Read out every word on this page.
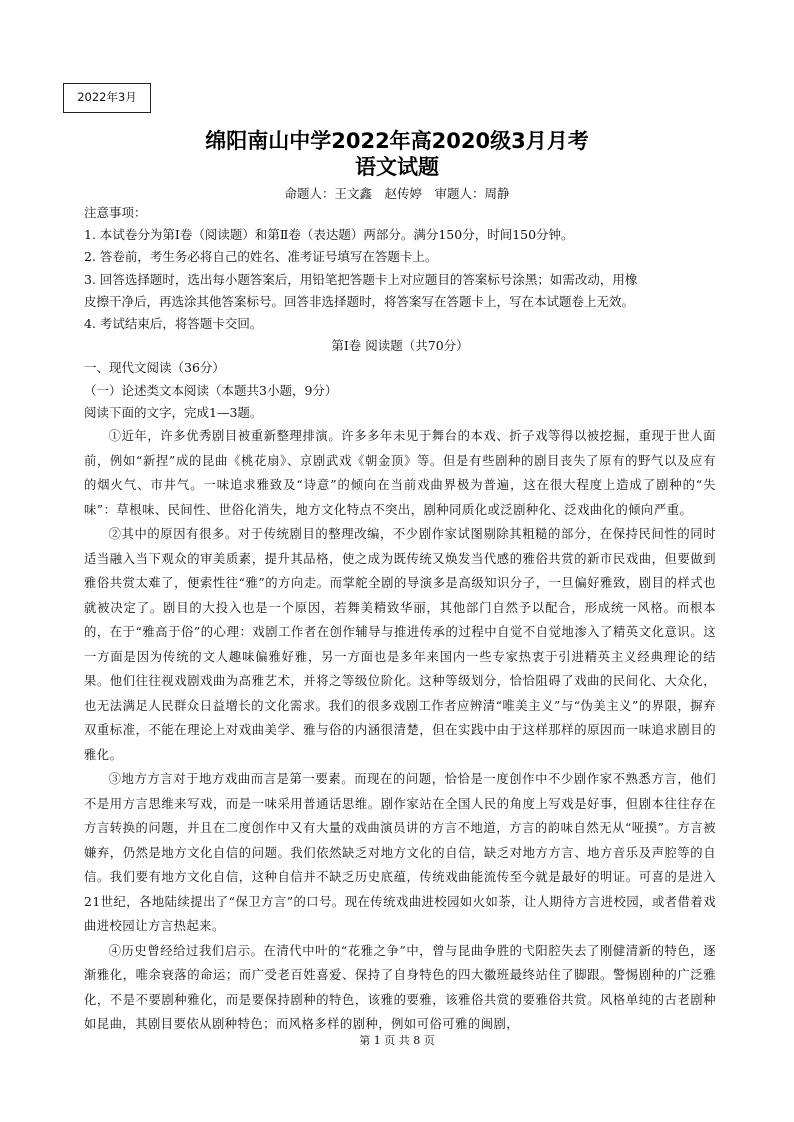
2022年3月
绵阳南山中学2022年高2020级3月月考
语文试题
命题人：王文鑫　赵传婷　审题人：周静
注意事项：
1. 本试卷分为第Ⅰ卷（阅读题）和第Ⅱ卷（表达题）两部分。满分150分，时间150分钟。
2. 答卷前，考生务必将自己的姓名、准考证号填写在答题卡上。
3. 回答选择题时，选出每小题答案后，用铅笔把答题卡上对应题目的答案标号涂黑；如需改动，用橡
皮擦干净后，再选涂其他答案标号。回答非选择题时，将答案写在答题卡上，写在本试题卷上无效。
4. 考试结束后，将答题卡交回。
第Ⅰ卷 阅读题（共70分）
一、现代文阅读（36分）
（一）论述类文本阅读（本题共3小题，9分）
阅读下面的文字，完成1—3题。

①近年，许多优秀剧目被重新整理排演。许多多年未见于舞台的本戏、折子戏等得以被挖掘，重现于世人面前，例如“新捏”成的昆曲《桃花扇》、京剧武戏《朝金顶》等。但是有些剧种的剧目丧失了原有的野气以及应有的烟火气、市井气。一味追求雅致及“诗意”的倾向在当前戏曲界极为普遍，这在很大程度上造成了剧种的“失味”：草根味、民间性、世俗化消失，地方文化特点不突出，剧种同质化或泛剧种化、泛戏曲化的倾向严重。

②其中的原因有很多。对于传统剧目的整理改编，不少剧作家试图剔除其粗糙的部分，在保持民间性的同时适当融入当下观众的审美质素，提升其品格，使之成为既传统又焕发当代感的雅俗共赏的新市民戏曲，但要做到雅俗共赏太难了，便索性往“雅”的方向走。而掌舵全剧的导演多是高级知识分子，一旦偏好雅致，剧目的样式也就被决定了。剧目的大投入也是一个原因，若舞美精致华丽，其他部门自然予以配合，形成统一风格。而根本的，在于“雅高于俗”的心理：戏剧工作者在创作辅导与推进传承的过程中自觉不自觉地渗入了精英文化意识。这一方面是因为传统的文人趣味偏雅好雅，另一方面也是多年来国内一些专家热衷于引进精英主义经典理论的结果。他们往往视戏剧戏曲为高雅艺术，并将之等级位阶化。这种等级划分，恰恰阻碍了戏曲的民间化、大众化，也无法满足人民群众日益增长的文化需求。我们的很多戏剧工作者应辨清“唯美主义”与“伪美主义”的界限，摒弃双重标准，不能在理论上对戏曲美学、雅与俗的内涵很清楚，但在实践中由于这样那样的原因而一味追求剧目的雅化。

③地方方言对于地方戏曲而言是第一要素。而现在的问题，恰恰是一度创作中不少剧作家不熟悉方言，他们不是用方言思维来写戏，而是一味采用普通话思维。剧作家站在全国人民的角度上写戏是好事，但剧本往往存在方言转换的问题，并且在二度创作中又有大量的戏曲演员讲的方言不地道，方言的韵味自然无从“哑摸”。方言被嫌弃，仍然是地方文化自信的问题。我们依然缺乏对地方文化的自信，缺乏对地方方言、地方音乐及声腔等的自信。我们要有地方文化自信，这种自信并不缺乏历史底蕴，传统戏曲能流传至今就是最好的明证。可喜的是进入21世纪，各地陆续提出了“保卫方言”的口号。现在传统戏曲进校园如火如荼，让人期待方言进校园，或者借着戏曲进校园让方言热起来。

④历史曾经给过我们启示。在清代中叶的“花雅之争”中，曾与昆曲争胜的弋阳腔失去了刚健清新的特色，逐渐雅化，唯余衰落的命运；而广受老百姓喜爱、保持了自身特色的四大徽班最终站住了脚跟。警惕剧种的广泛雅化，不是不要剧种雅化，而是要保持剧种的特色，该雅的要雅，该雅俗共赏的要雅俗共赏。风格单纯的古老剧种如昆曲，其剧目要依从剧种特色；而风格多样的剧种，例如可俗可雅的闽剧，

第 1 页 共 8 页
